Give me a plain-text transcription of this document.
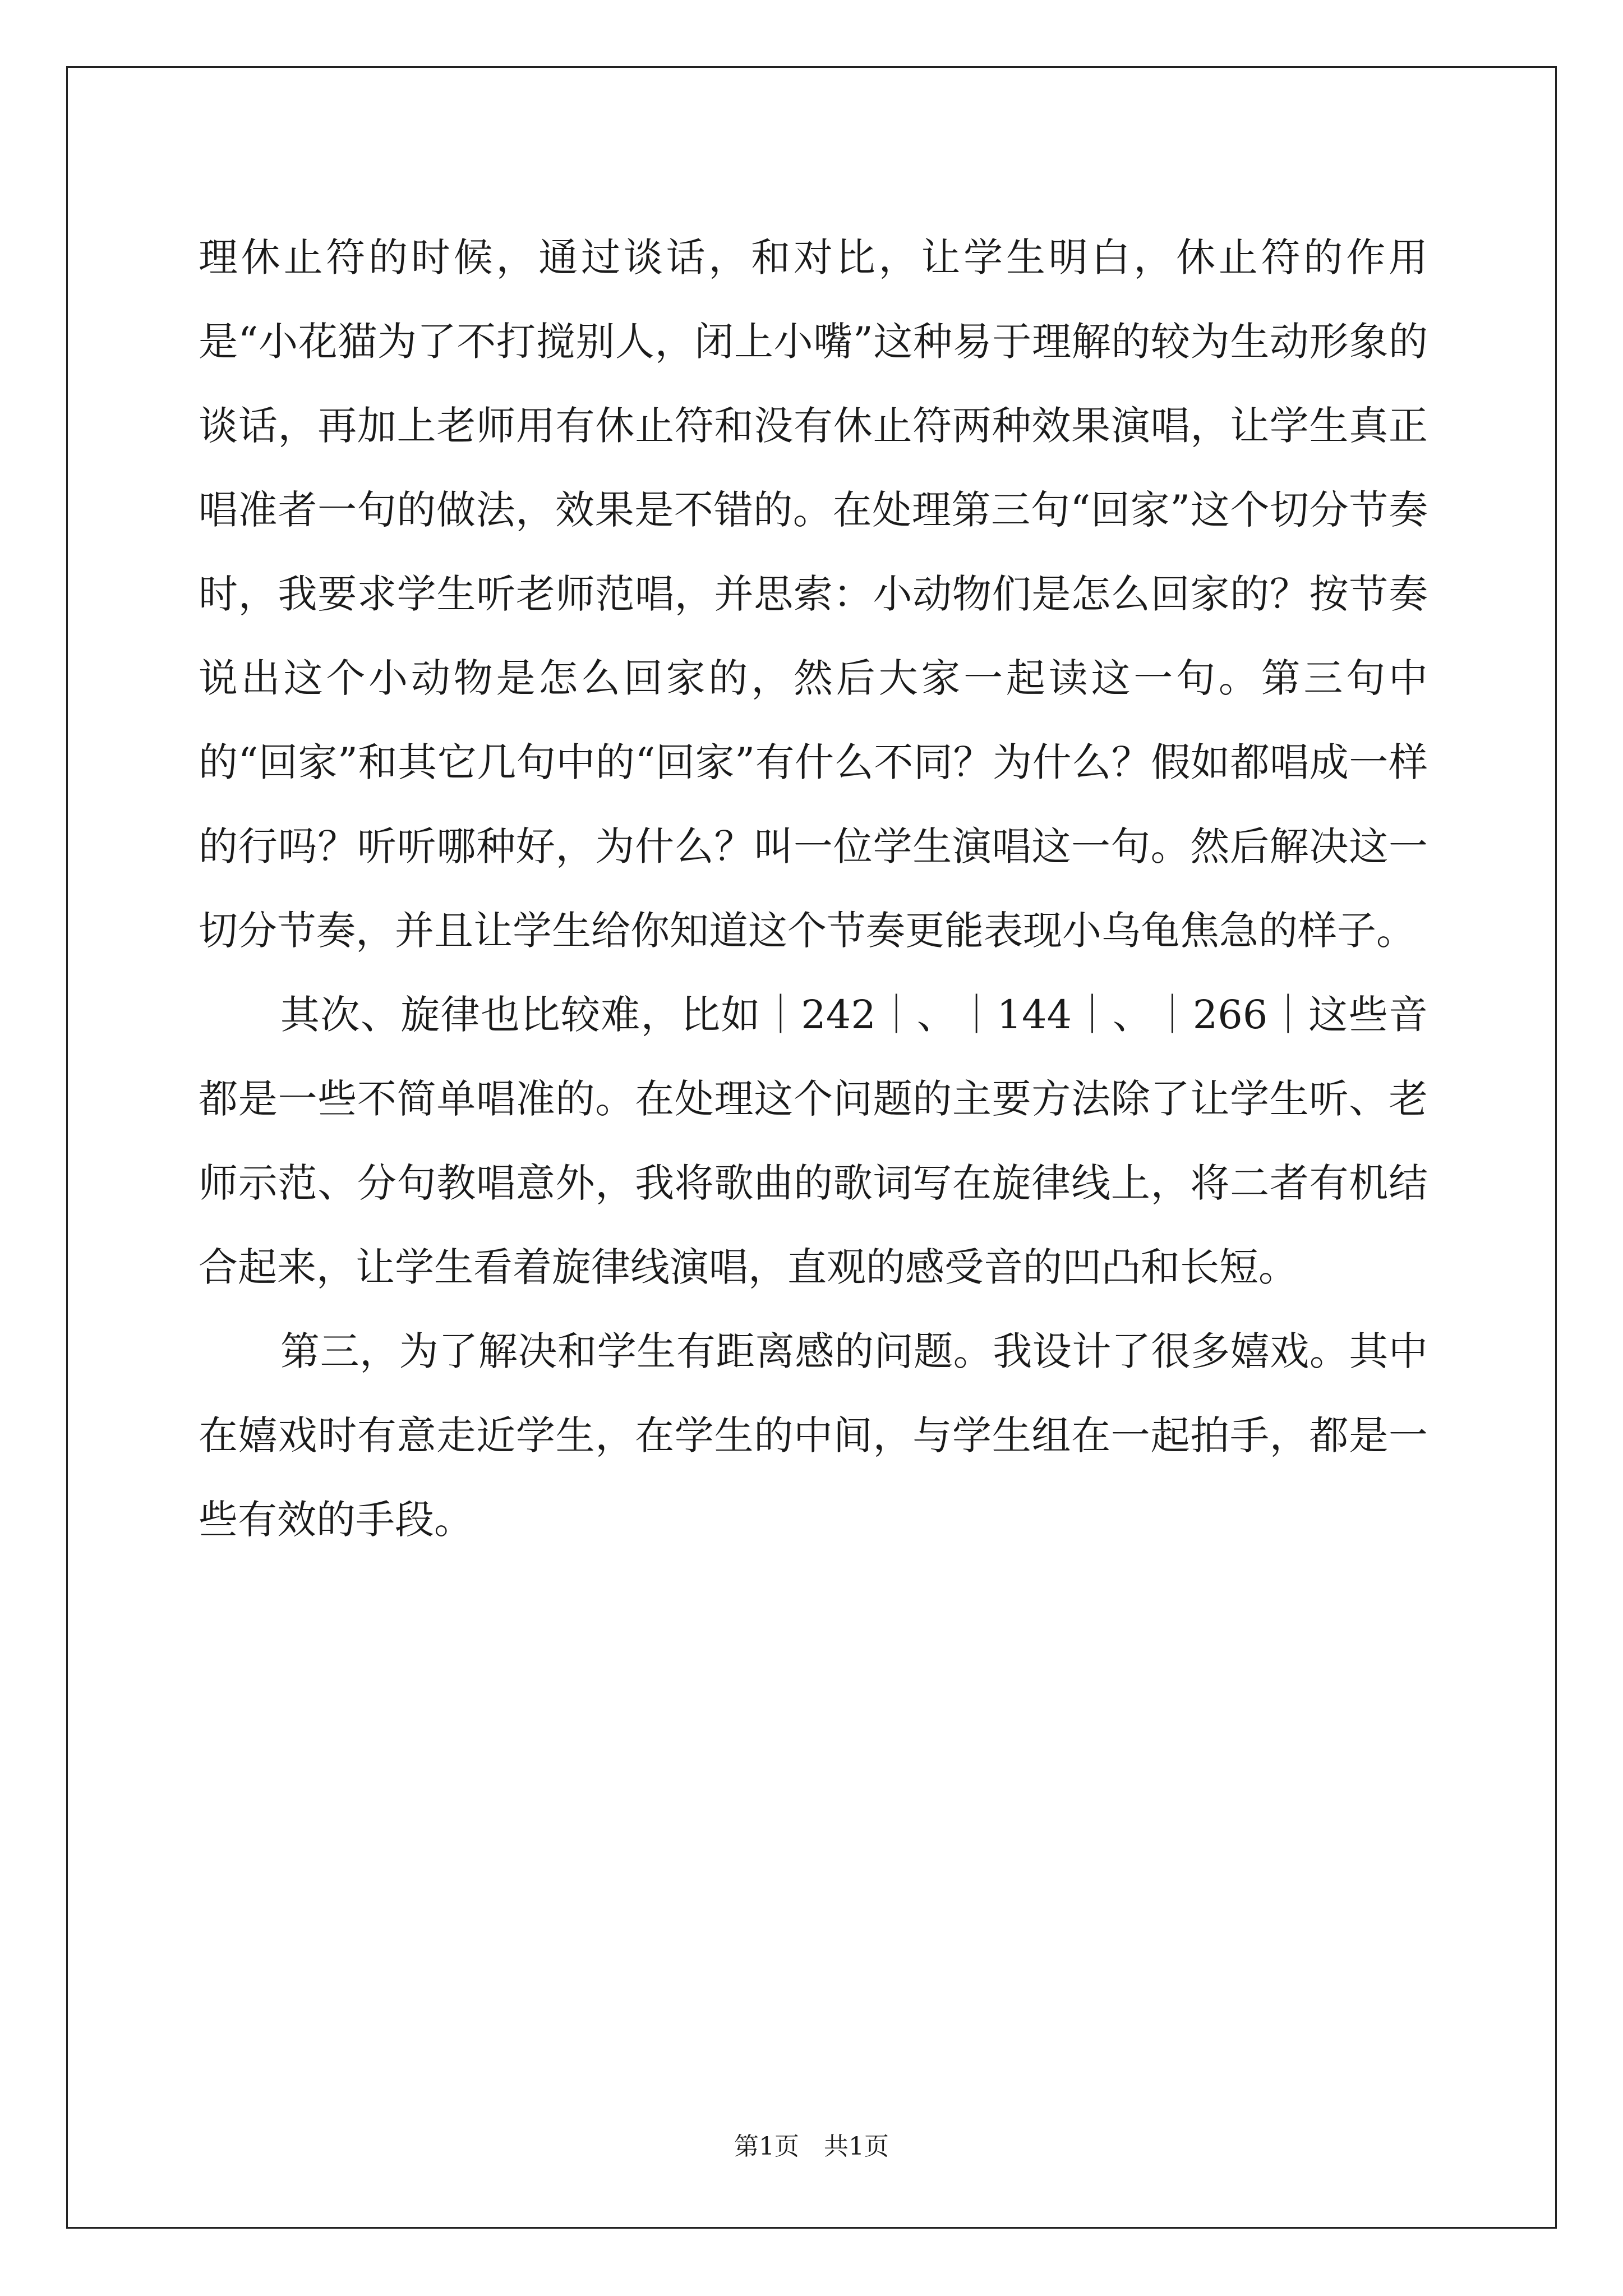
理休止符的时候，通过谈话，和对比，让学生明白，休止符的作用是“小花猫为了不打搅别人，闭上小嘴”这种易于理解的较为生动形象的谈话，再加上老师用有休止符和没有休止符两种效果演唱，让学生真正唱准者一句的做法，效果是不错的。在处理第三句“回家”这个切分节奏时，我要求学生听老师范唱，并思索：小动物们是怎么回家的？按节奏说出这个小动物是怎么回家的，然后大家一起读这一句。第三句中的“回家”和其它几句中的“回家”有什么不同？为什么？假如都唱成一样的行吗？听听哪种好，为什么？叫一位学生演唱这一句。然后解决这一切分节奏，并且让学生给你知道这个节奏更能表现小乌龟焦急的样子。

其次、旋律也比较难，比如｜242｜、｜144｜、｜266｜这些音都是一些不简单唱准的。在处理这个问题的主要方法除了让学生听、老师示范、分句教唱意外，我将歌曲的歌词写在旋律线上，将二者有机结合起来，让学生看着旋律线演唱，直观的感受音的凹凸和长短。

第三，为了解决和学生有距离感的问题。我设计了很多嬉戏。其中在嬉戏时有意走近学生，在学生的中间，与学生组在一起拍手，都是一些有效的手段。

第1页　共1页
